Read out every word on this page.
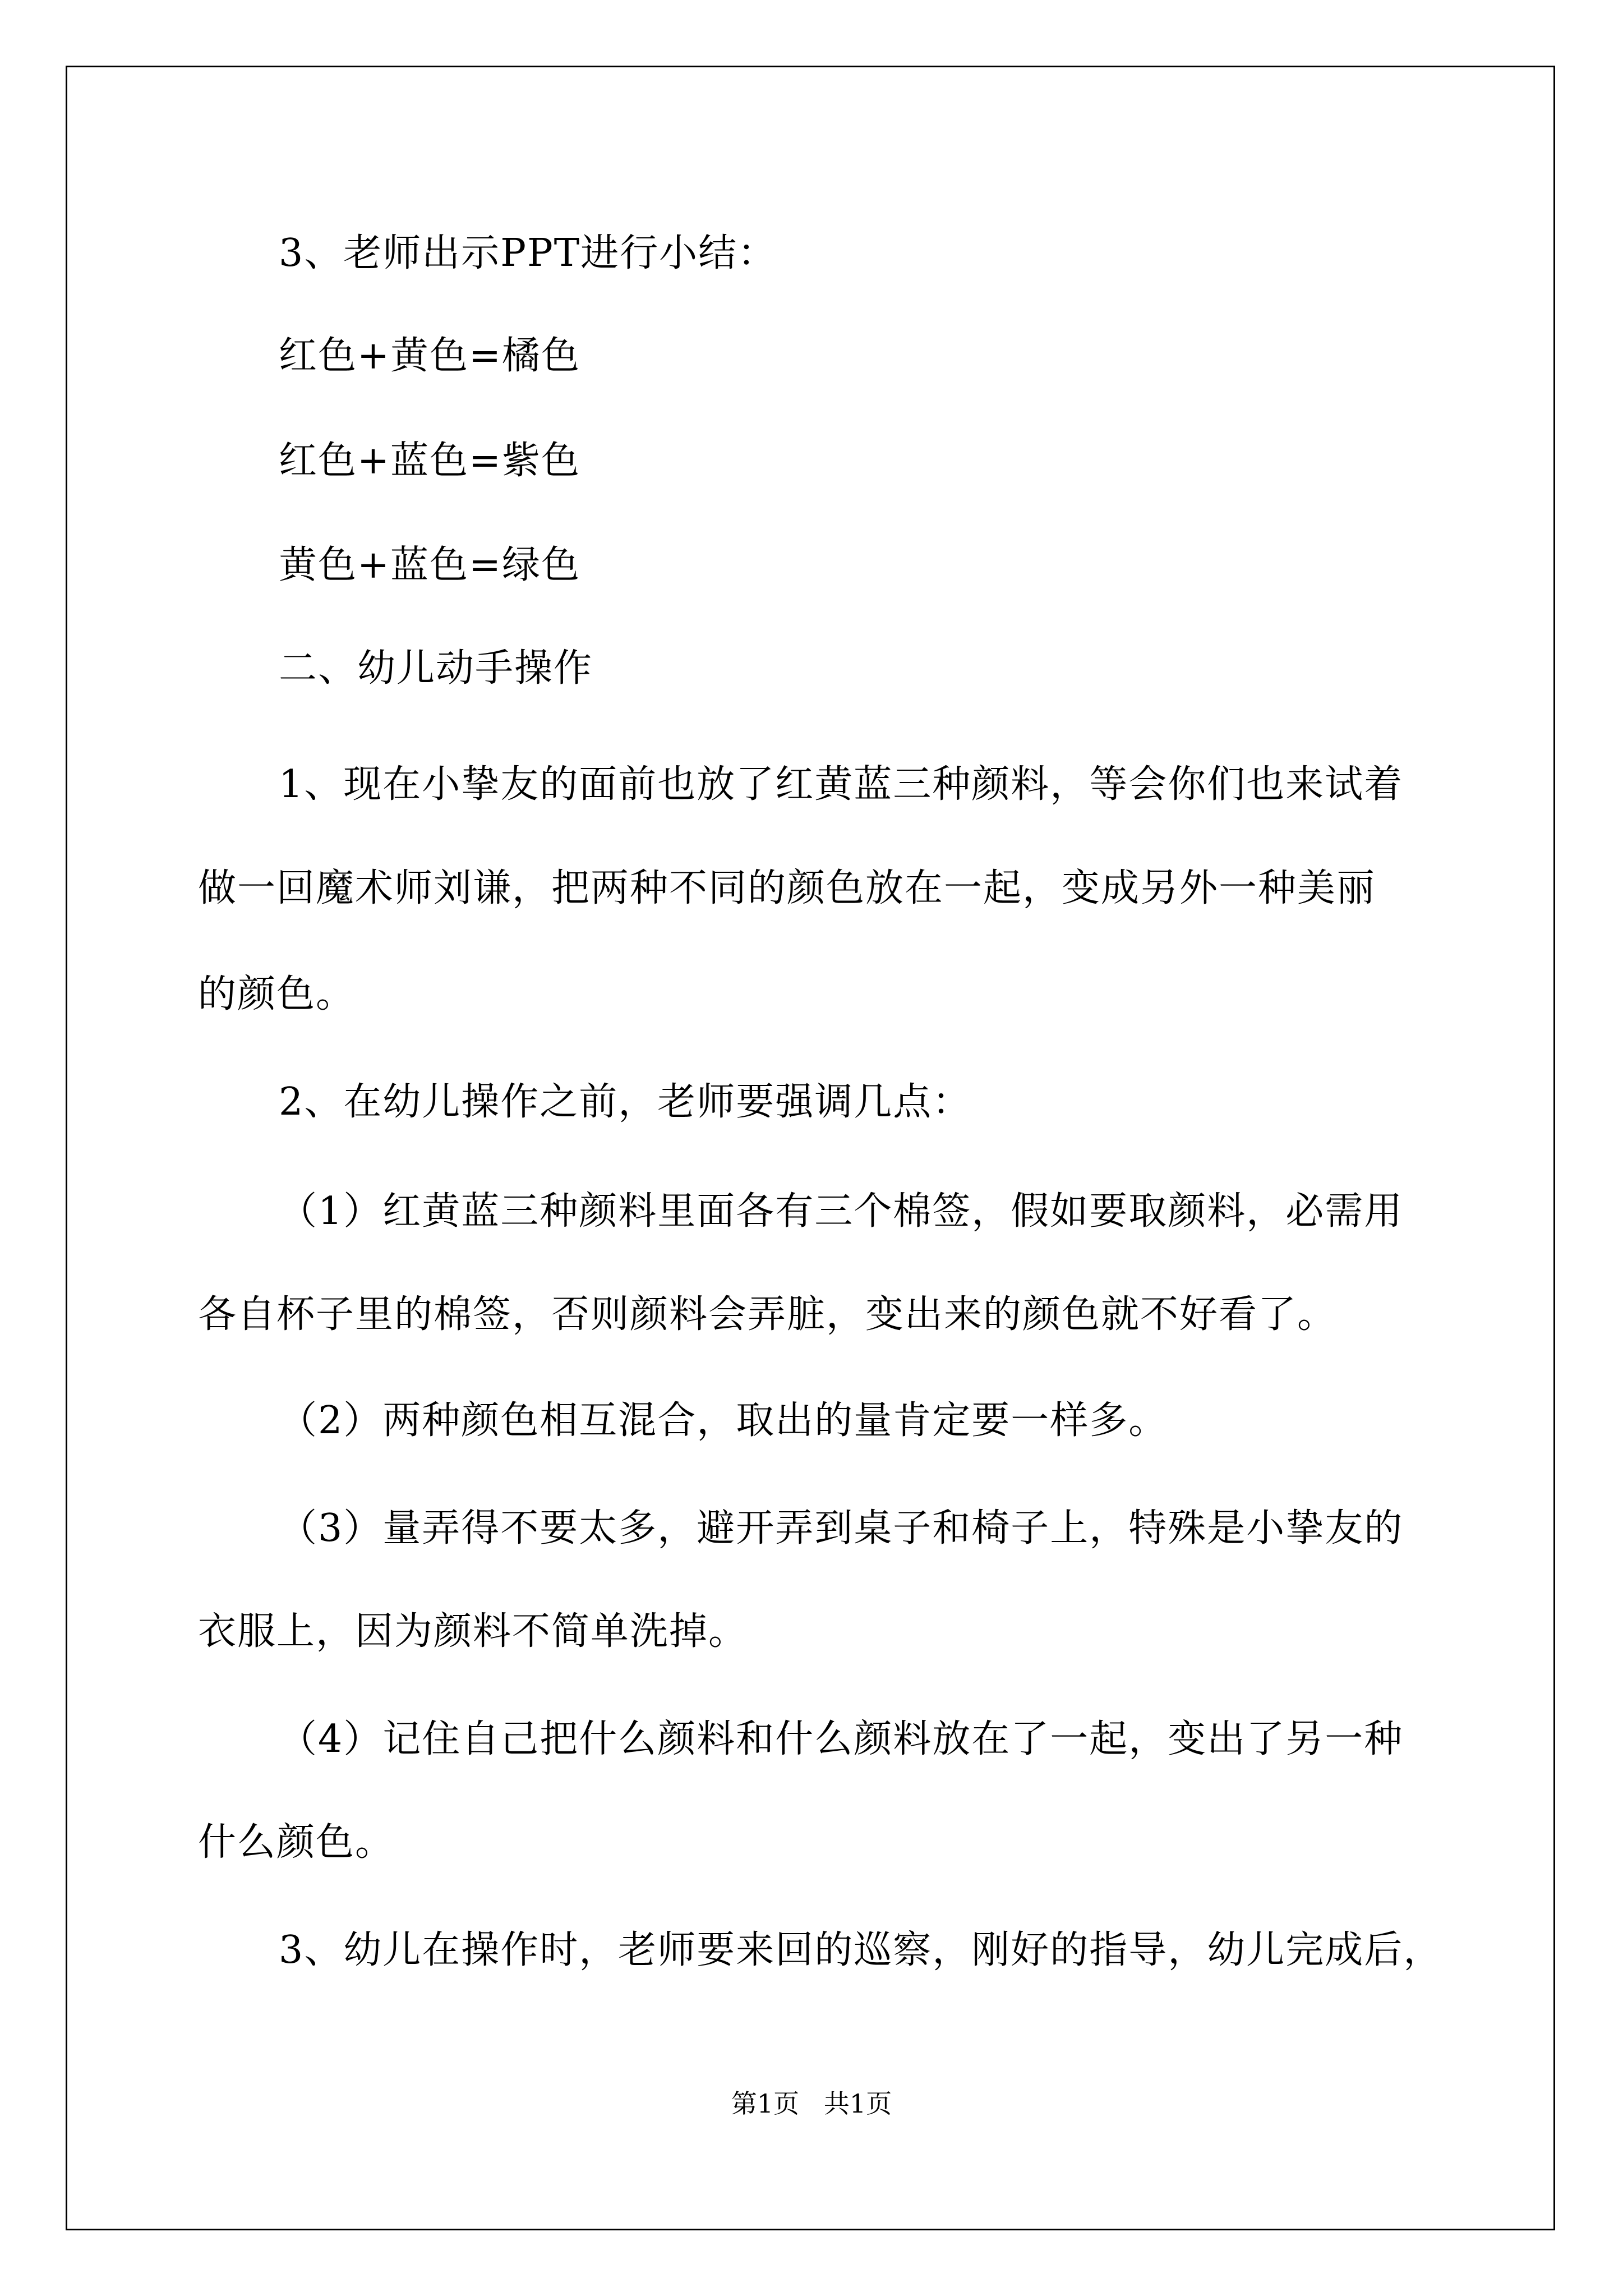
3、老师出示PPT进行小结：
红色+黄色=橘色
红色+蓝色=紫色
黄色+蓝色=绿色
二、幼儿动手操作
1、现在小挚友的面前也放了红黄蓝三种颜料，等会你们也来试着
做一回魔术师刘谦，把两种不同的颜色放在一起，变成另外一种美丽
的颜色。
2、在幼儿操作之前，老师要强调几点：
（1）红黄蓝三种颜料里面各有三个棉签，假如要取颜料，必需用
各自杯子里的棉签，否则颜料会弄脏，变出来的颜色就不好看了。
（2）两种颜色相互混合，取出的量肯定要一样多。
（3）量弄得不要太多，避开弄到桌子和椅子上，特殊是小挚友的
衣服上，因为颜料不简单洗掉。
（4）记住自己把什么颜料和什么颜料放在了一起，变出了另一种
什么颜色。
3、幼儿在操作时，老师要来回的巡察，刚好的指导，幼儿完成后，
第1页   共1页
